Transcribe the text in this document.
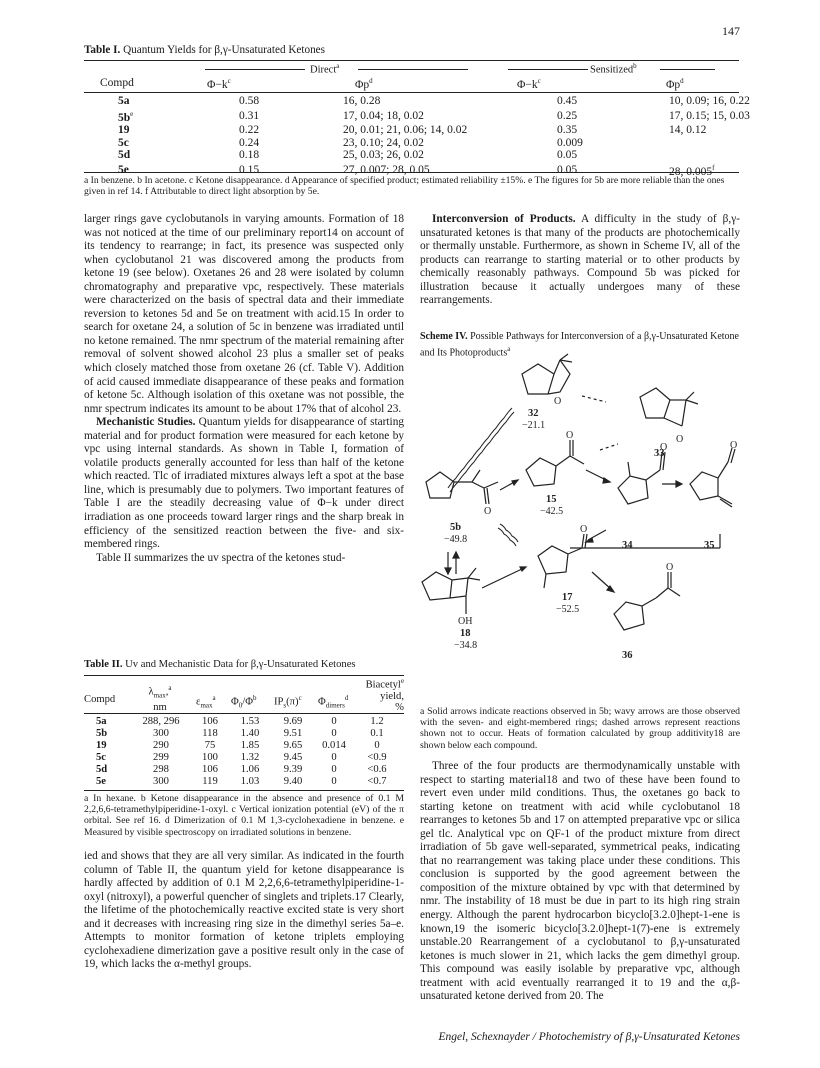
147
Table I. Quantum Yields for β,γ-Unsaturated Ketones
Direct$^a$	Sensitized$^b$
Compd	$\Phi-k^c$	$\Phi p^d$	$\Phi-k^c$	$\Phi p^d$
5a	0.58	16, 0.28	0.45	10, 0.09; 16, 0.22
$5b^e$	0.31	17, 0.04; 18, 0.02	0.25	17, 0.15; 15, 0.03
19	0.22	20, 0.01; 21, 0.06; 14, 0.02	0.35	14, 0.12
5c	0.24	23, 0.10; 24, 0.02	0.009	
5d	0.18	25, 0.03; 26, 0.02	0.05	
5e	0.15	27, 0.007; 28, 0.05	0.05	28, 0.005$^f$
a In benzene. b In acetone. c Ketone disappearance. d Appearance of specified product; estimated reliability ±15%. e The figures for 5b are more reliable than the ones given in ref 14. f Attributable to direct light absorption by 5e.

larger rings gave cyclobutanols in varying amounts. Formation of 18 was not noticed at the time of our preliminary report14 on account of its tendency to rearrange; in fact, its presence was suspected only when cyclobutanol 21 was discovered among the products from ketone 19 (see below). Oxetanes 26 and 28 were isolated by column chromatography and preparative vpc, respectively. These materials were characterized on the basis of spectral data and their immediate reversion to ketones 5d and 5e on treatment with acid.15 In order to search for oxetane 24, a solution of 5c in benzene was irradiated until no ketone remained. The nmr spectrum of the material remaining after removal of solvent showed alcohol 23 plus a smaller set of peaks which closely matched those from oxetane 26 (cf. Table V). Addition of acid caused immediate disappearance of these peaks and formation of ketone 5c. Although isolation of this oxetane was not possible, the nmr spectrum indicates its amount to be about 17% that of alcohol 23.

Mechanistic Studies. Quantum yields for disappearance of starting material and for product formation were measured for each ketone by vpc using internal standards. As shown in Table I, formation of volatile products generally accounted for less than half of the ketone which reacted. Tlc of irradiated mixtures always left a spot at the base line, which is presumably due to polymers. Two important features of Table I are the steadily decreasing value of Φ−k under direct irradiation as one proceeds toward larger rings and the sharp break in efficiency of the sensitized reaction between the five- and six-membered rings.

Table II summarizes the uv spectra of the ketones stud-

Table II. Uv and Mechanistic Data for β,γ-Unsaturated Ketones
Compd
$\lambda_{max},^a$
nm	$\varepsilon_{max}^a$ $\Phi_0/\Phi^b$ $IP_s(\pi)^c$ $\Phi_{dimers}^d$
Biacetyl$^e$
yield,
%
5a	288, 296	106	1.53	9.69	0	1.2
5b	300	118	1.40	9.51	0	0.1
19	290	75	1.85	9.65	0.014	0
5c	299	100	1.32	9.45	0	<0.9
5d	298	106	1.06	9.39	0	<0.6
5e	300	119	1.03	9.40	0	<0.7
a In hexane. b Ketone disappearance in the absence and presence of 0.1 M 2,2,6,6-tetramethylpiperidine-1-oxyl. c Vertical ionization potential (eV) of the π orbital. See ref 16. d Dimerization of 0.1 M 1,3-cyclohexadiene in benzene. e Measured by visible spectroscopy on irradiated solutions in benzene.

ied and shows that they are all very similar. As indicated in the fourth column of Table II, the quantum yield for ketone disappearance is hardly affected by addition of 0.1 M 2,2,6,6-tetramethylpiperidine-1-oxyl (nitroxyl), a powerful quencher of singlets and triplets.17 Clearly, the lifetime of the photochemically reactive excited state is very short and it decreases with increasing ring size in the dimethyl series 5a–e. Attempts to monitor formation of ketone triplets employing cyclohexadiene dimerization gave a positive result only in the case of 19, which lacks the α-methyl groups.

Interconversion of Products. A difficulty in the study of β,γ-unsaturated ketones is that many of the products are photochemically or thermally unstable. Furthermore, as shown in Scheme IV, all of the products can rearrange to starting material or to other products by chemically reasonably pathways. Compound 5b was picked for illustration because it actually undergoes many of these rearrangements.

Scheme IV. Possible Pathways for Interconversion of a β,γ-Unsaturated Ketone and Its Photoproducts$^a$
O
32
−21.1
O
33
O
5b
−49.8
O
15
−42.5
O
34
O
35
O
17
−52.5
OH
18
−34.8
O
36
a Solid arrows indicate reactions observed in 5b; wavy arrows are those observed with the seven- and eight-membered rings; dashed arrows represent reactions shown not to occur. Heats of formation calculated by group additivity18 are shown below each compound.

Three of the four products are thermodynamically unstable with respect to starting material18 and two of these have been found to revert even under mild conditions. Thus, the oxetanes go back to starting ketone on treatment with acid while cyclobutanol 18 rearranges to ketones 5b and 17 on attempted preparative vpc or silica gel tlc. Analytical vpc on QF-1 of the product mixture from direct irradiation of 5b gave well-separated, symmetrical peaks, indicating that no rearrangement was taking place under these conditions. This conclusion is supported by the good agreement between the composition of the mixture obtained by vpc with that determined by nmr. The instability of 18 must be due in part to its high ring strain energy. Although the parent hydrocarbon bicyclo[3.2.0]hept-1-ene is known,19 the isomeric bicyclo[3.2.0]hept-1(7)-ene is extremely unstable.20 Rearrangement of a cyclobutanol to β,γ-unsaturated ketones is much slower in 21, which lacks the gem dimethyl group. This compound was easily isolable by preparative vpc, although treatment with acid eventually rearranged it to 19 and the α,β-unsaturated ketone derived from 20. The

Engel, Schexnayder / Photochemistry of β,γ-Unsaturated Ketones
